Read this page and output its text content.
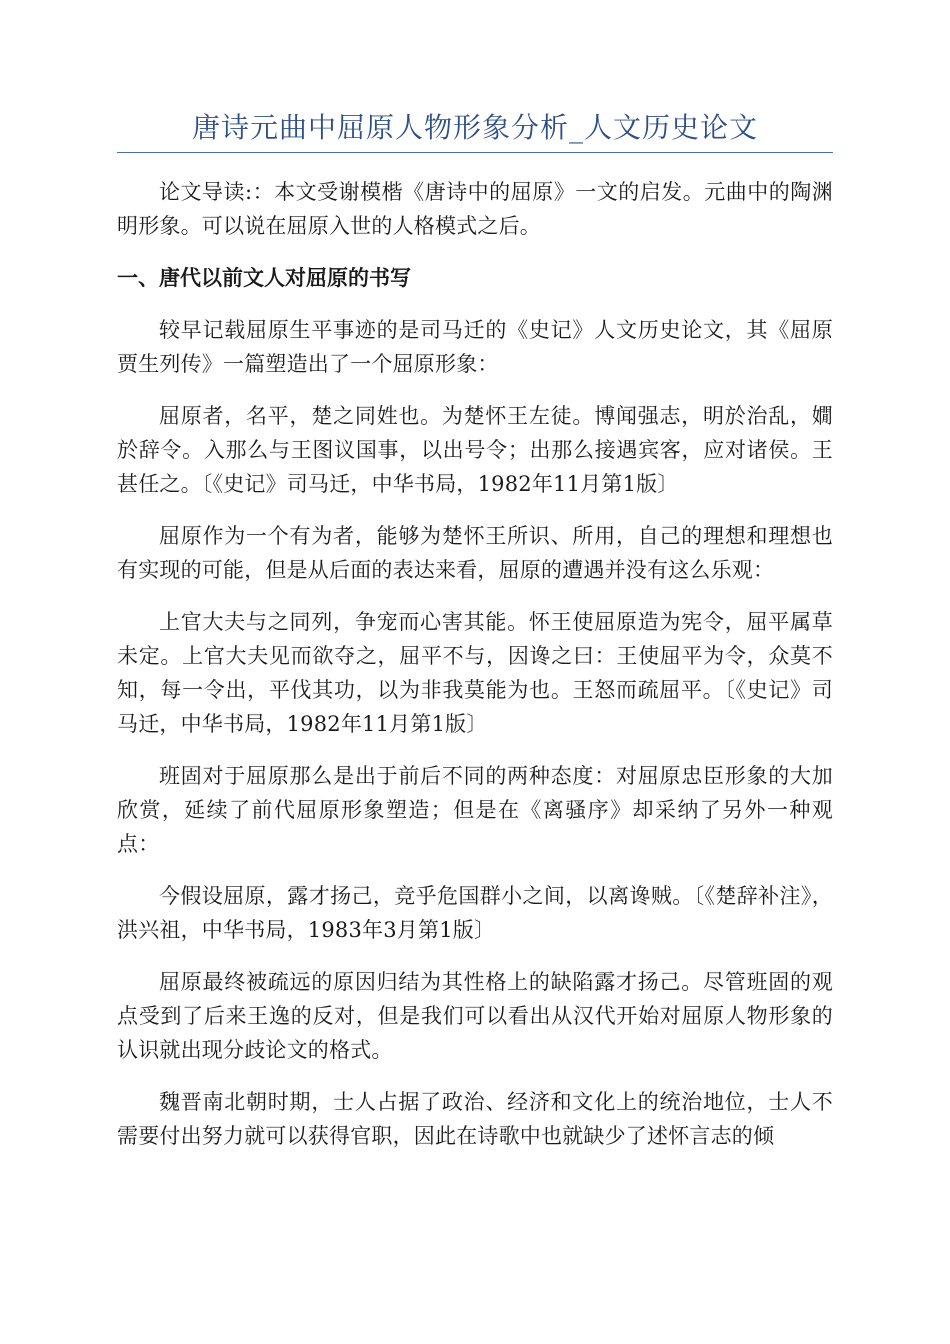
唐诗元曲中屈原人物形象分析_人文历史论文

论文导读:：本文受谢模楷《唐诗中的屈原》一文的启发。元曲中的陶渊明形象。可以说在屈原入世的人格模式之后。

一、唐代以前文人对屈原的书写

较早记载屈原生平事迹的是司马迁的《史记》人文历史论文，其《屈原贾生列传》一篇塑造出了一个屈原形象：

屈原者，名平，楚之同姓也。为楚怀王左徒。博闻强志，明於治乱，嫺於辞令。入那么与王图议国事，以出号令；出那么接遇宾客，应对诸侯。王甚任之。〔《史记》司马迁，中华书局，1982年11月第1版〕

屈原作为一个有为者，能够为楚怀王所识、所用，自己的理想和理想也有实现的可能，但是从后面的表达来看，屈原的遭遇并没有这么乐观：

上官大夫与之同列，争宠而心害其能。怀王使屈原造为宪令，屈平属草未定。上官大夫见而欲夺之，屈平不与，因谗之曰：王使屈平为令，众莫不知，每一令出，平伐其功，以为非我莫能为也。王怒而疏屈平。〔《史记》司马迁，中华书局，1982年11月第1版〕

班固对于屈原那么是出于前后不同的两种态度：对屈原忠臣形象的大加欣赏，延续了前代屈原形象塑造；但是在《离骚序》却采纳了另外一种观点：

今假设屈原，露才扬己，竞乎危国群小之间，以离谗贼。〔《楚辞补注》，洪兴祖，中华书局，1983年3月第1版〕

屈原最终被疏远的原因归结为其性格上的缺陷露才扬己。尽管班固的观点受到了后来王逸的反对，但是我们可以看出从汉代开始对屈原人物形象的认识就出现分歧论文的格式。

魏晋南北朝时期，士人占据了政治、经济和文化上的统治地位，士人不需要付出努力就可以获得官职，因此在诗歌中也就缺少了述怀言志的倾
